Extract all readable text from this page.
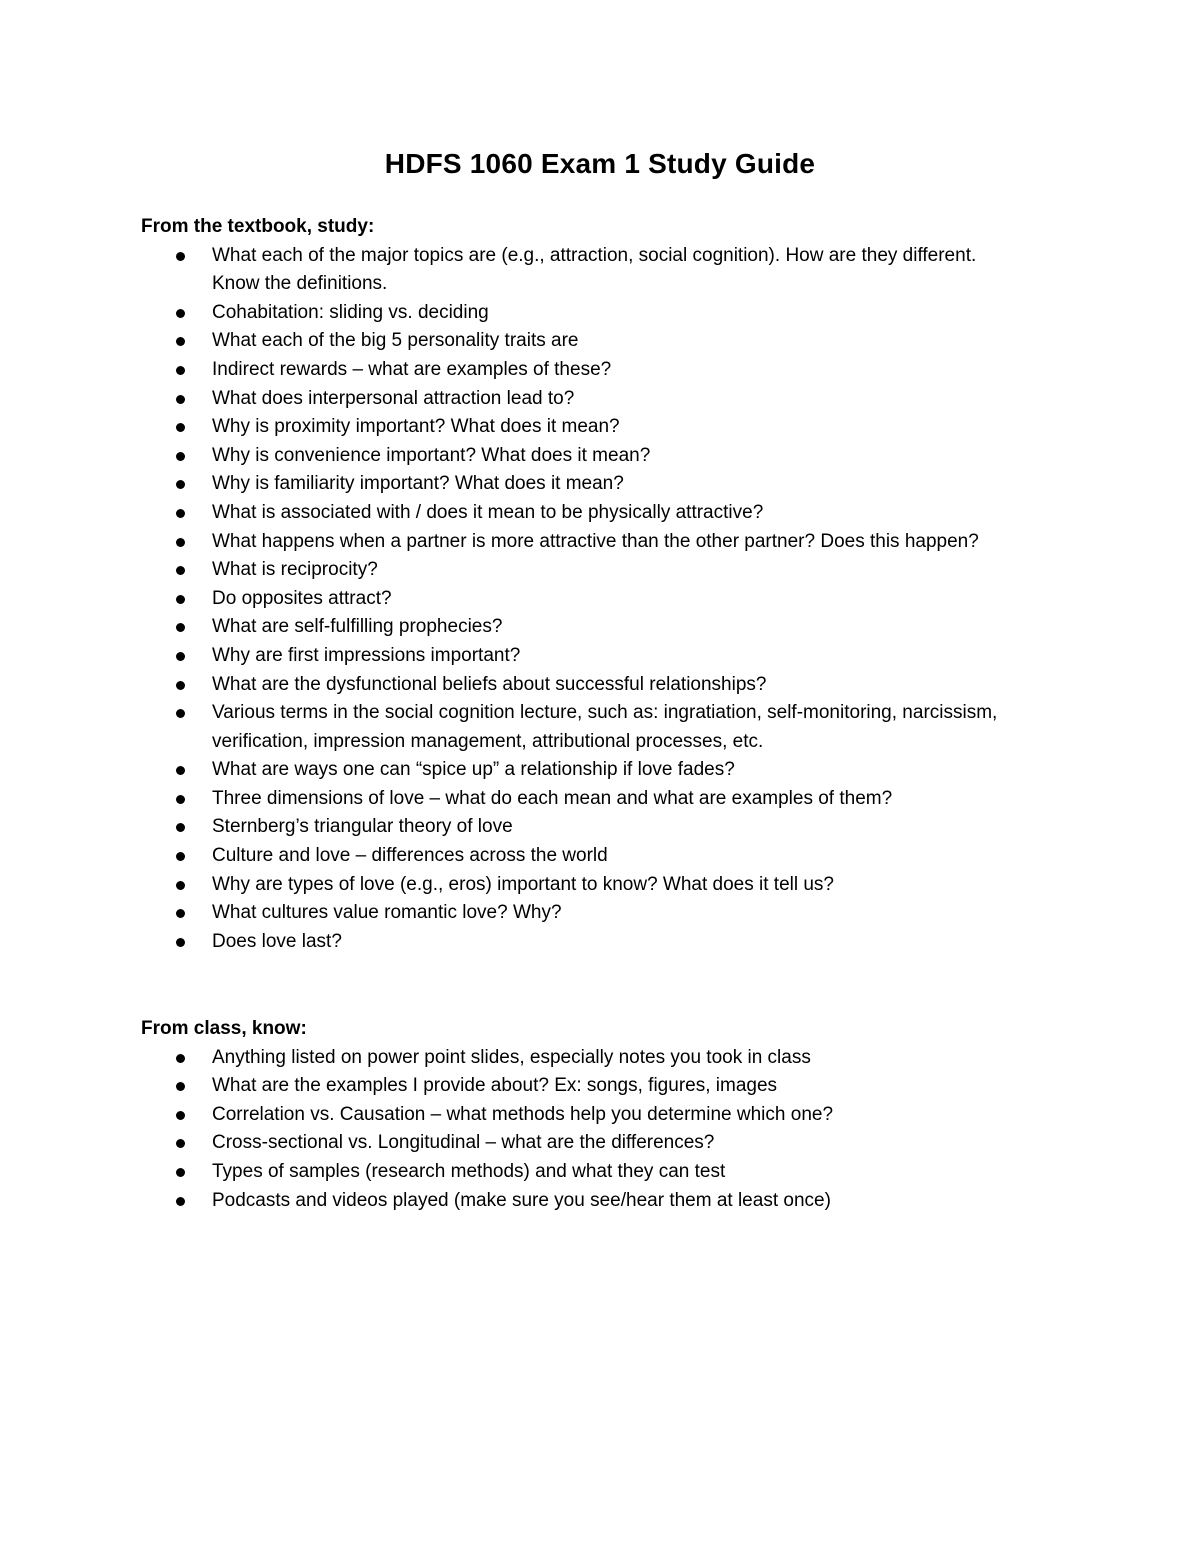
HDFS 1060 Exam 1 Study Guide
From the textbook, study:
What each of the major topics are (e.g., attraction, social cognition). How are they different. Know the definitions.
Cohabitation: sliding vs. deciding
What each of the big 5 personality traits are
Indirect rewards – what are examples of these?
What does interpersonal attraction lead to?
Why is proximity important? What does it mean?
Why is convenience important? What does it mean?
Why is familiarity important? What does it mean?
What is associated with / does it mean to be physically attractive?
What happens when a partner is more attractive than the other partner? Does this happen?
What is reciprocity?
Do opposites attract?
What are self-fulfilling prophecies?
Why are first impressions important?
What are the dysfunctional beliefs about successful relationships?
Various terms in the social cognition lecture, such as: ingratiation, self-monitoring, narcissism, verification, impression management, attributional processes, etc.
What are ways one can “spice up” a relationship if love fades?
Three dimensions of love – what do each mean and what are examples of them?
Sternberg’s triangular theory of love
Culture and love – differences across the world
Why are types of love (e.g., eros) important to know? What does it tell us?
What cultures value romantic love? Why?
Does love last?
From class, know:
Anything listed on power point slides, especially notes you took in class
What are the examples I provide about? Ex: songs, figures, images
Correlation vs. Causation – what methods help you determine which one?
Cross-sectional vs. Longitudinal – what are the differences?
Types of samples (research methods) and what they can test
Podcasts and videos played (make sure you see/hear them at least once)
